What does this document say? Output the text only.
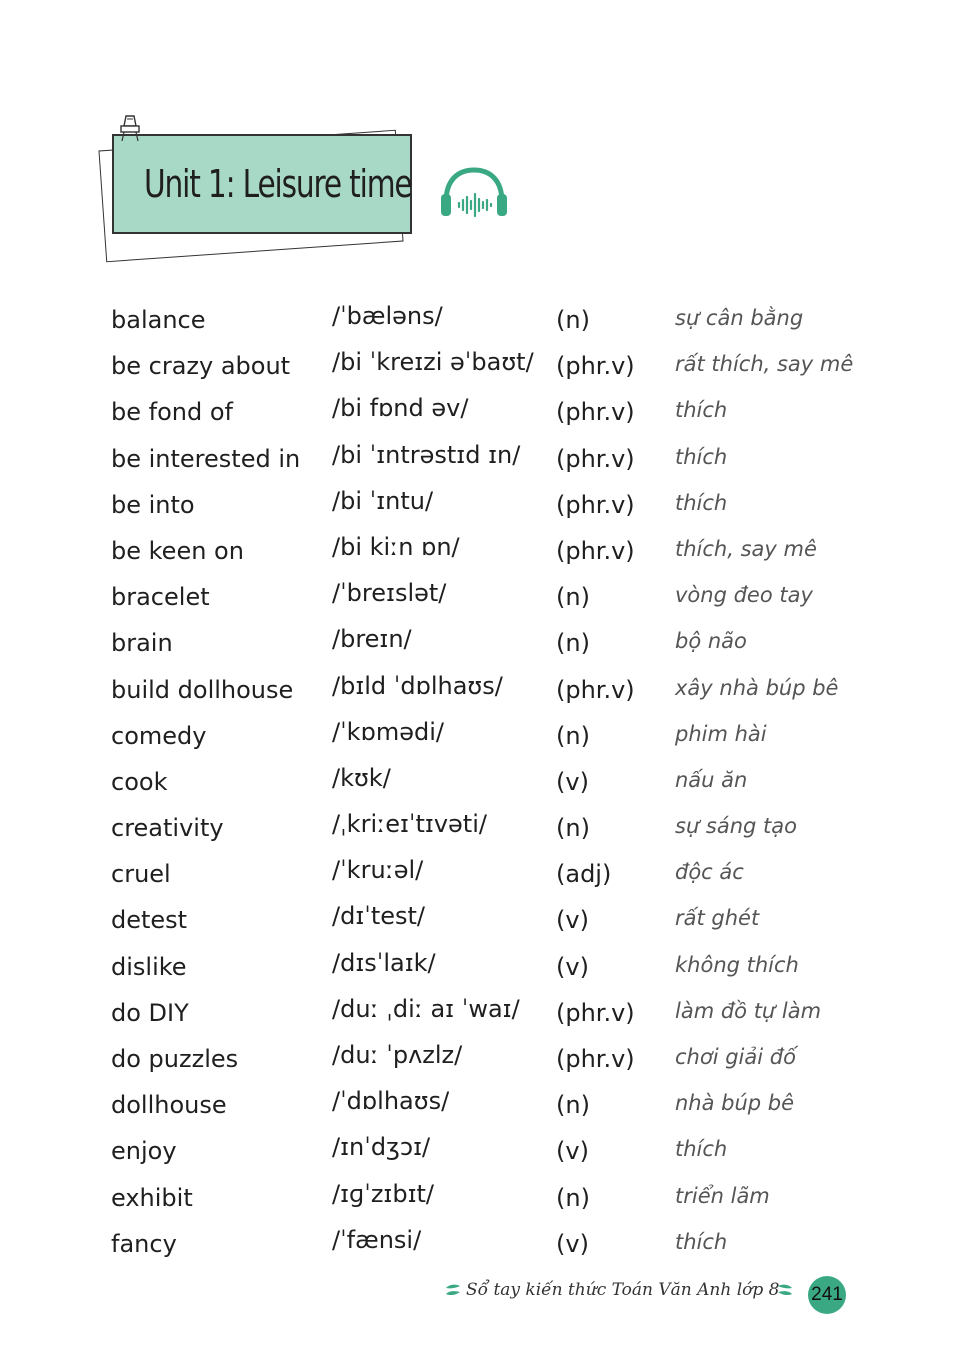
Unit 1: Leisure time
balance	/ˈbæləns/	(n)	sự cân bằng
be crazy about /bi ˈkreɪzi əˈbaʊt/ (phr.v) rất thích, say mê
be fond of	/bi fɒnd əv/	(phr.v) thích
be interested in /bi ˈɪntrəstɪd ɪn/ (phr.v) thích
be into	/bi ˈɪntu/	(phr.v) thích
be keen on	/bi kiːn ɒn/	(phr.v) thích, say mê
bracelet	/ˈbreɪslət/	(n)	vòng đeo tay
brain	/breɪn/	(n)	bộ não
build dollhouse /bɪld ˈdɒlhaʊs/ (phr.v) xây nhà búp bê
comedy	/ˈkɒmədi/	(n)	phim hài
cook	/kʊk/	(v)	nấu ăn
creativity	/ˌkriːeɪˈtɪvəti/	(n)	sự sáng tạo
cruel	/ˈkruːəl/	(adj)	độc ác
detest	/dɪˈtest/	(v)	rất ghét
dislike	/dɪsˈlaɪk/	(v)	không thích
do DIY	/duː ˌdiː aɪ ˈwaɪ/ (phr.v) làm đồ tự làm
do puzzles	/duː ˈpʌzlz/	(phr.v) chơi giải đố
dollhouse	/ˈdɒlhaʊs/	(n)	nhà búp bê
enjoy	/ɪnˈdʒɔɪ/	(v)	thích
exhibit	/ɪɡˈzɪbɪt/	(n)	triển lãm
fancy	/ˈfænsi/	(v)	thích
Sổ tay kiến thức Toán Văn Anh lớp 8 241
